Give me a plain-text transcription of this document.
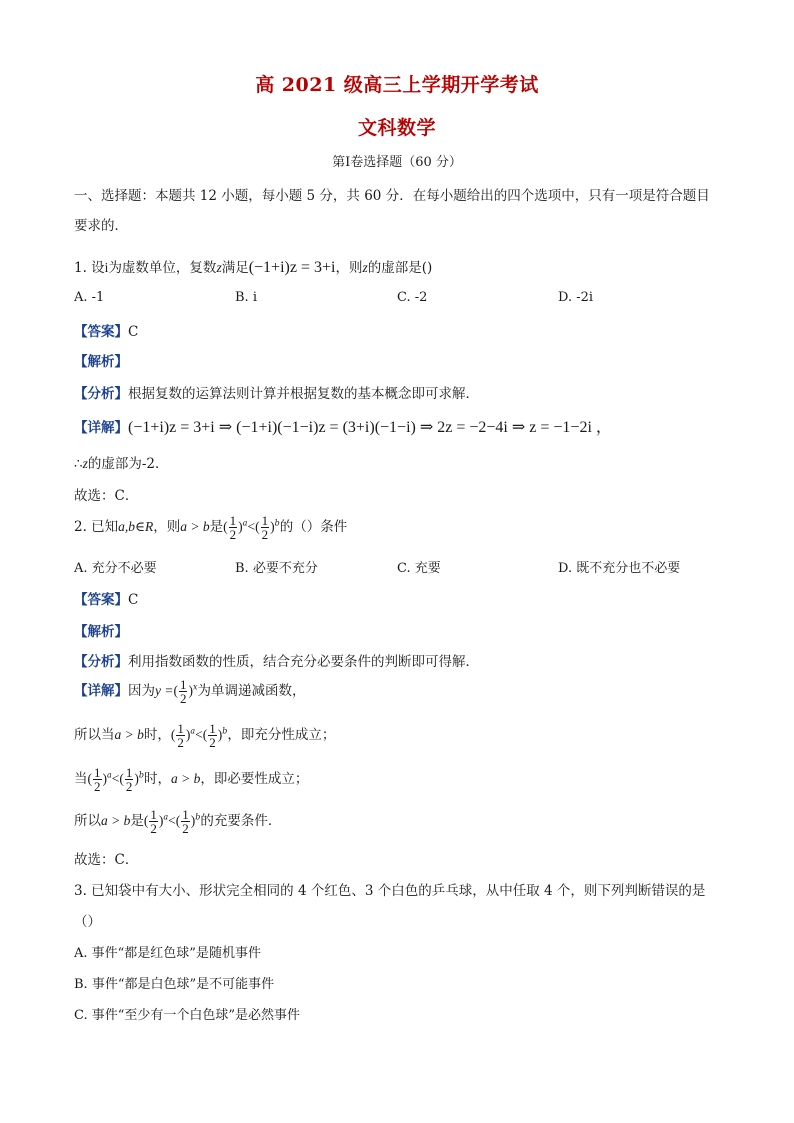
高 2021 级高三上学期开学考试
文科数学
第Ⅰ卷选择题（60 分）
一、选择题：本题共 12 小题，每小题 5 分，共 60 分．在每小题给出的四个选项中，只有一项是符合题目
要求的．
1. 设i为虚数单位，复数z满足(−1+i)z = 3+i，则z的虚部是()
A. -1	B. i	C. -2	D. -2i
【答案】C
【解析】
【分析】根据复数的运算法则计算并根据复数的基本概念即可求解．
【详解】(−1+i)z = 3+i ⇒ (−1+i)(−1−i)z = (3+i)(−1−i) ⇒ 2z = −2−4i ⇒ z = −1−2i ，
∴z的虚部为-2．
故选：C．
2. 已知a,b∈R，则a > b是( $\frac{1}{2} )^a<( \frac{1}{2} )^b$的（）条件
A. 充分不必要	B. 必要不充分	C. 充要	D. 既不充分也不必要
【答案】C
【解析】
【分析】利用指数函数的性质，结合充分必要条件的判断即可得解．
【详解】因为y =( $\frac{1}{2} )^x$为单调递减函数，
所以当a > b时，( $\frac{1}{2} )^a<( \frac{1}{2} )^b$，即充分性成立；
当( $\frac{1}{2} )^a<( \frac{1}{2} )^b$时，a > b，即必要性成立；
所以a > b是( $\frac{1}{2} )^a<( \frac{1}{2} )^b$的充要条件．
故选：C．
3. 已知袋中有大小、形状完全相同的 4 个红色、3 个白色的乒乓球，从中任取 4 个，则下列判断错误的是
（）
A. 事件“都是红色球”是随机事件
B. 事件“都是白色球”是不可能事件
C. 事件“至少有一个白色球”是必然事件
